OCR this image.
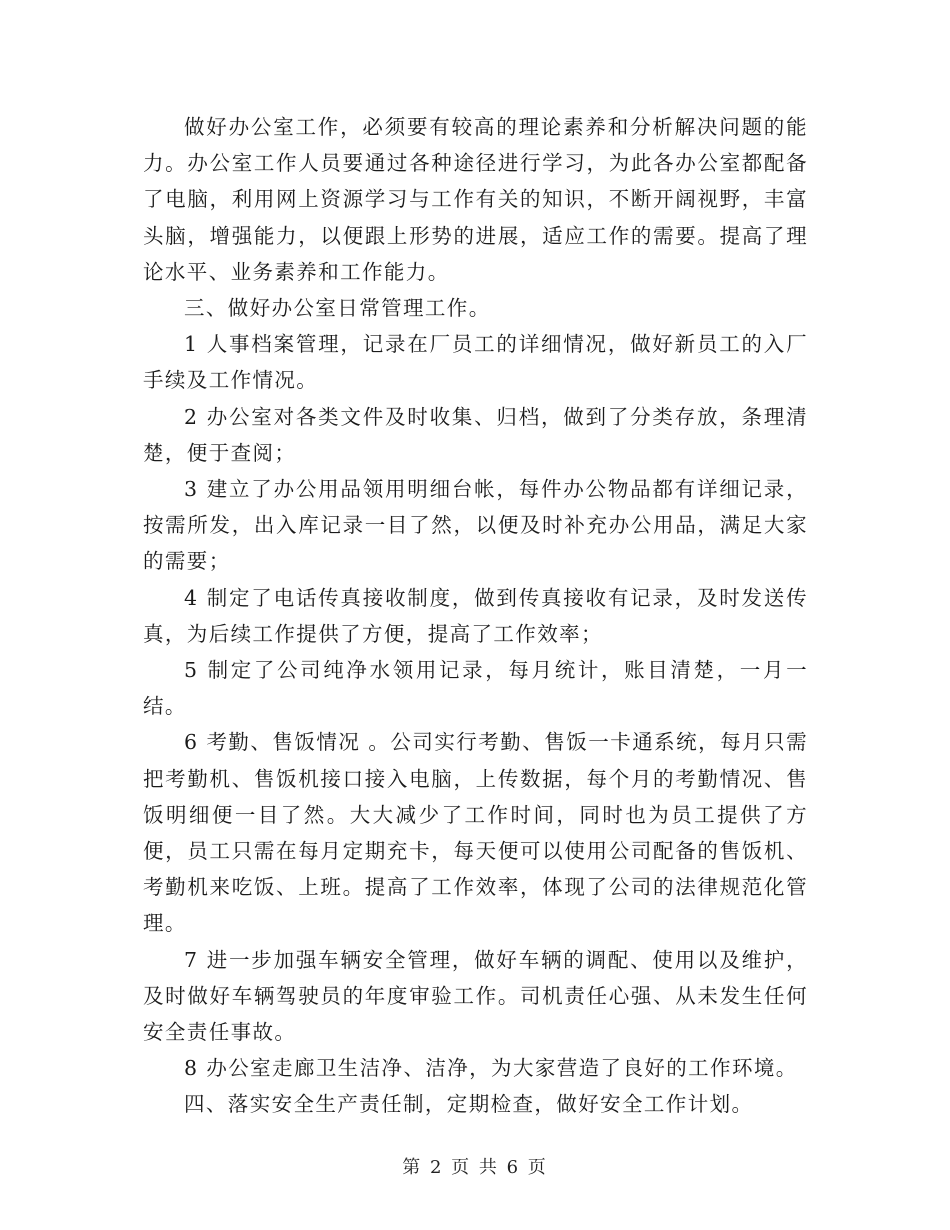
做好办公室工作，必须要有较高的理论素养和分析解决问题的能力。办公室工作人员要通过各种途径进行学习，为此各办公室都配备了电脑，利用网上资源学习与工作有关的知识，不断开阔视野，丰富头脑，增强能力，以便跟上形势的进展，适应工作的需要。提高了理论水平、业务素养和工作能力。

三、做好办公室日常管理工作。

1 人事档案管理，记录在厂员工的详细情况，做好新员工的入厂手续及工作情况。

2 办公室对各类文件及时收集、归档，做到了分类存放，条理清楚，便于查阅；

3 建立了办公用品领用明细台帐，每件办公物品都有详细记录，按需所发，出入库记录一目了然，以便及时补充办公用品，满足大家的需要；

4 制定了电话传真接收制度，做到传真接收有记录，及时发送传真，为后续工作提供了方便，提高了工作效率；

5 制定了公司纯净水领用记录，每月统计，账目清楚，一月一结。

6 考勤、售饭情况 。公司实行考勤、售饭一卡通系统，每月只需把考勤机、售饭机接口接入电脑，上传数据，每个月的考勤情况、售饭明细便一目了然。大大减少了工作时间，同时也为员工提供了方便，员工只需在每月定期充卡，每天便可以使用公司配备的售饭机、考勤机来吃饭、上班。提高了工作效率，体现了公司的法律规范化管理。

7 进一步加强车辆安全管理，做好车辆的调配、使用以及维护，及时做好车辆驾驶员的年度审验工作。司机责任心强、从未发生任何安全责任事故。

8 办公室走廊卫生洁净、洁净，为大家营造了良好的工作环境。

四、落实安全生产责任制，定期检查，做好安全工作计划。

第 2 页 共 6 页
